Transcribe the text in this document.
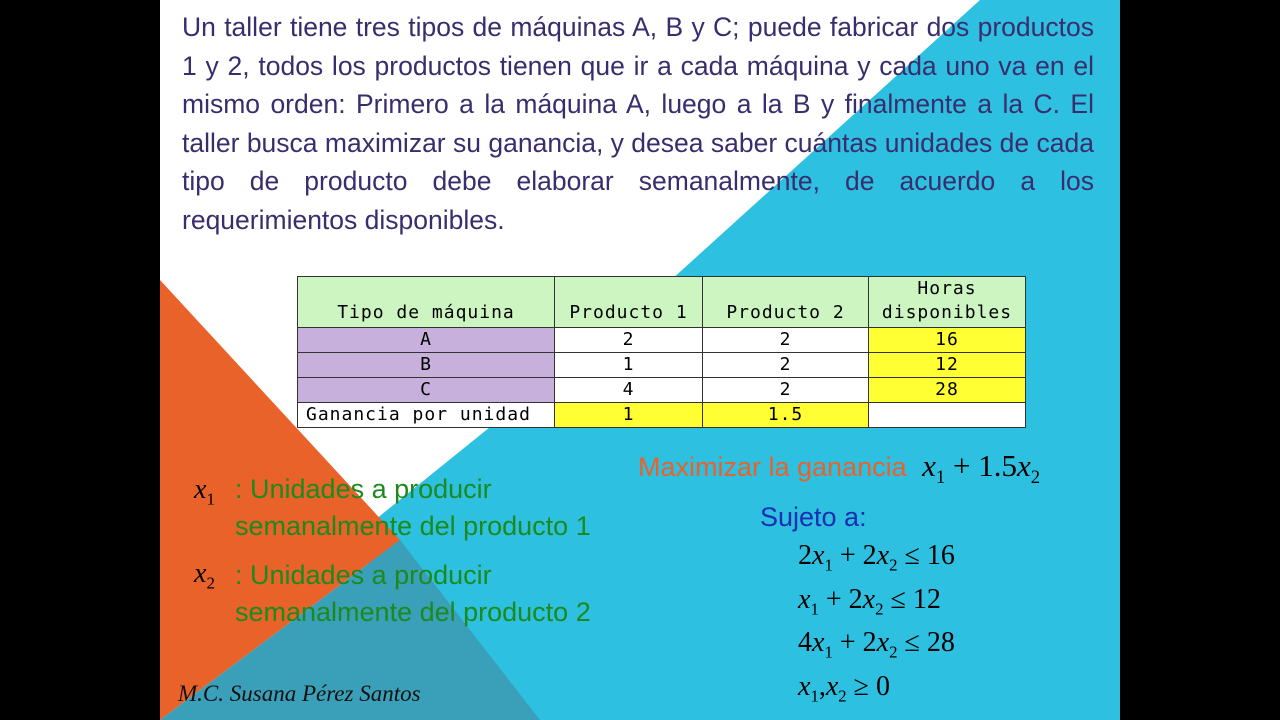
Un taller tiene tres tipos de máquinas A, B y C; puede fabricar dos productos 1 y 2, todos los productos tienen que ir a cada máquina y cada uno va en el mismo orden: Primero a la máquina A, luego a la B y finalmente a la C. El taller busca maximizar su ganancia, y desea saber cuántas unidades de cada tipo de producto debe elaborar semanalmente, de acuerdo a los requerimientos disponibles.

Tipo de máquina	Producto 1	Producto 2	Horas
disponibles
A	2	2	16
B	1	2	12
C	4	2	28
Ganancia por unidad	1	1.5	
$x_1$ : Unidades a producir semanalmente del producto 1
$x_2$ : Unidades a producir semanalmente del producto 2
Maximizar la ganancia $x_1 + 1.5x_2$
Sujeto a:
$2x_1 + 2x_2 \le 16$
$x_1 + 2x_2 \le 12$
$4x_1 + 2x_2 \le 28$
$x_1,x_2 \ge 0$
M.C. Susana Pérez Santos
